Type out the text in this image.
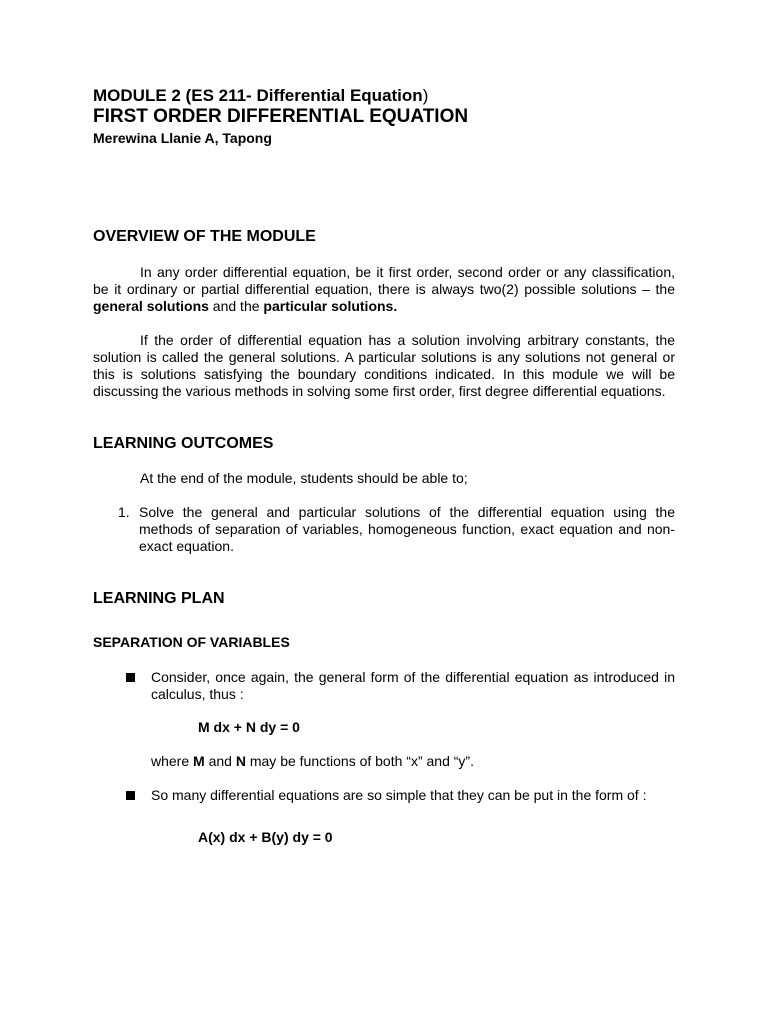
MODULE 2 (ES 211- Differential Equation)
FIRST ORDER DIFFERENTIAL EQUATION
Merewina Llanie A, Tapong
OVERVIEW OF THE MODULE

In any order differential equation, be it first order, second order or any classification, be it ordinary or partial differential equation, there is always two(2) possible solutions – the general solutions and the particular solutions.

If the order of differential equation has a solution involving arbitrary constants, the solution is called the general solutions. A particular solutions is any solutions not general or this is solutions satisfying the boundary conditions indicated. In this module we will be discussing the various methods in solving some first order, first degree differential equations.

LEARNING OUTCOMES
At the end of the module, students should be able to;
1. Solve the general and particular solutions of the differential equation using the methods of separation of variables, homogeneous function, exact equation and non-exact equation.
LEARNING PLAN
SEPARATION OF VARIABLES
Consider, once again, the general form of the differential equation as introduced in calculus, thus :
M dx + N dy = 0
where M and N may be functions of both “x” and “y”.
So many differential equations are so simple that they can be put in the form of :
A(x) dx + B(y) dy = 0
